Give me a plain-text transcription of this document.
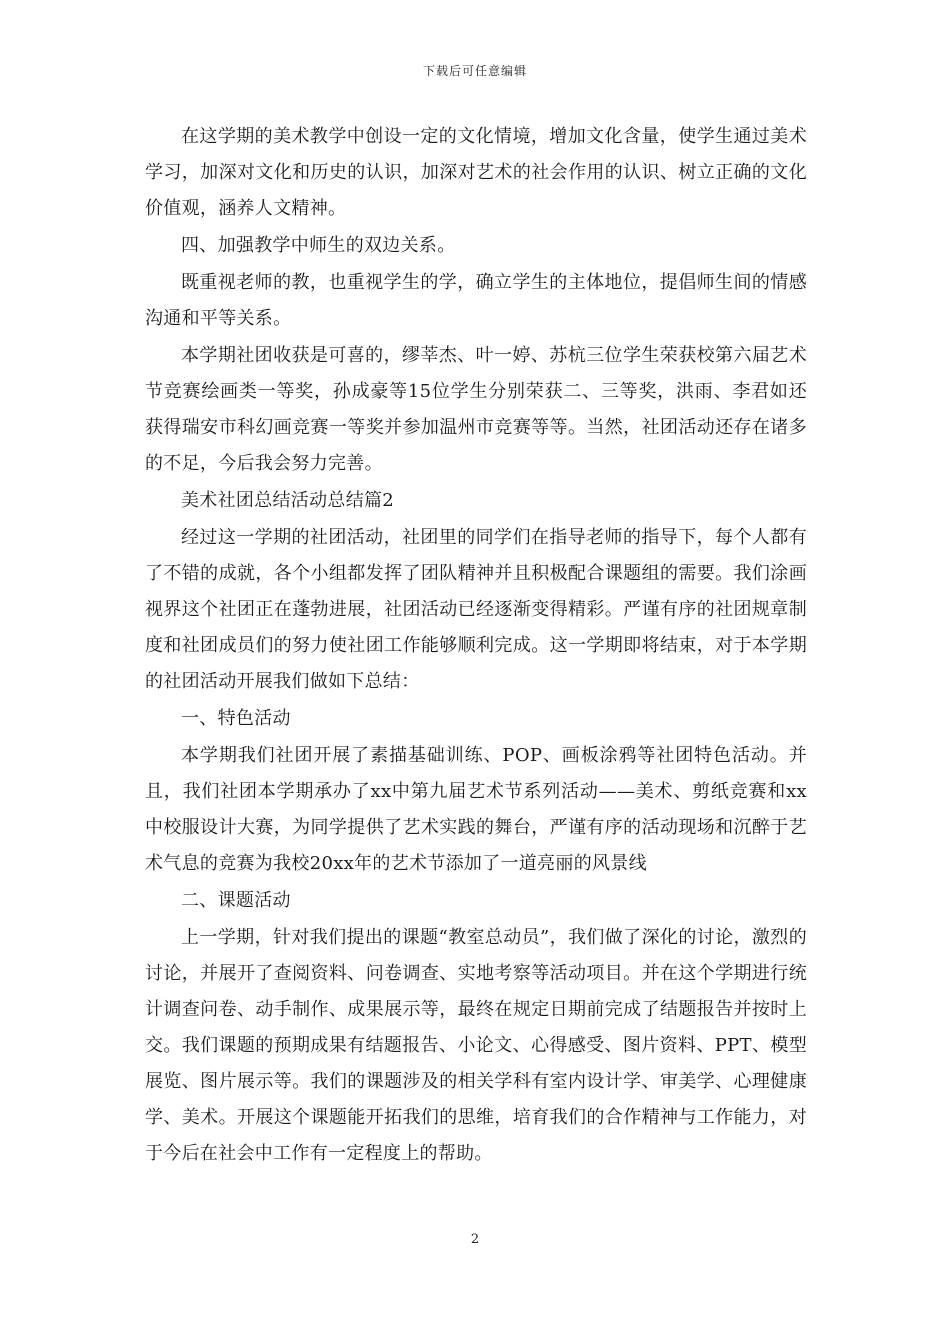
下载后可任意编辑

在这学期的美术教学中创设一定的文化情境，增加文化含量，使学生通过美术学习，加深对文化和历史的认识，加深对艺术的社会作用的认识、树立正确的文化价值观，涵养人文精神。

四、加强教学中师生的双边关系。

既重视老师的教，也重视学生的学，确立学生的主体地位，提倡师生间的情感沟通和平等关系。

本学期社团收获是可喜的，缪莘杰、叶一婷、苏杭三位学生荣获校第六届艺术节竞赛绘画类一等奖，孙成豪等15位学生分别荣获二、三等奖，洪雨、李君如还获得瑞安市科幻画竞赛一等奖并参加温州市竞赛等等。当然，社团活动还存在诸多的不足，今后我会努力完善。

美术社团总结活动总结篇2

经过这一学期的社团活动，社团里的同学们在指导老师的指导下，每个人都有了不错的成就，各个小组都发挥了团队精神并且积极配合课题组的需要。我们涂画视界这个社团正在蓬勃进展，社团活动已经逐渐变得精彩。严谨有序的社团规章制度和社团成员们的努力使社团工作能够顺利完成。这一学期即将结束，对于本学期的社团活动开展我们做如下总结：

一、特色活动

本学期我们社团开展了素描基础训练、POP、画板涂鸦等社团特色活动。并且，我们社团本学期承办了xx中第九届艺术节系列活动——美术、剪纸竞赛和xx中校服设计大赛，为同学提供了艺术实践的舞台，严谨有序的活动现场和沉醉于艺术气息的竞赛为我校20xx年的艺术节添加了一道亮丽的风景线

二、课题活动

上一学期，针对我们提出的课题“教室总动员”，我们做了深化的讨论，激烈的讨论，并展开了查阅资料、问卷调查、实地考察等活动项目。并在这个学期进行统计调查问卷、动手制作、成果展示等，最终在规定日期前完成了结题报告并按时上交。我们课题的预期成果有结题报告、小论文、心得感受、图片资料、PPT、模型展览、图片展示等。我们的课题涉及的相关学科有室内设计学、审美学、心理健康学、美术。开展这个课题能开拓我们的思维，培育我们的合作精神与工作能力，对于今后在社会中工作有一定程度上的帮助。

2
